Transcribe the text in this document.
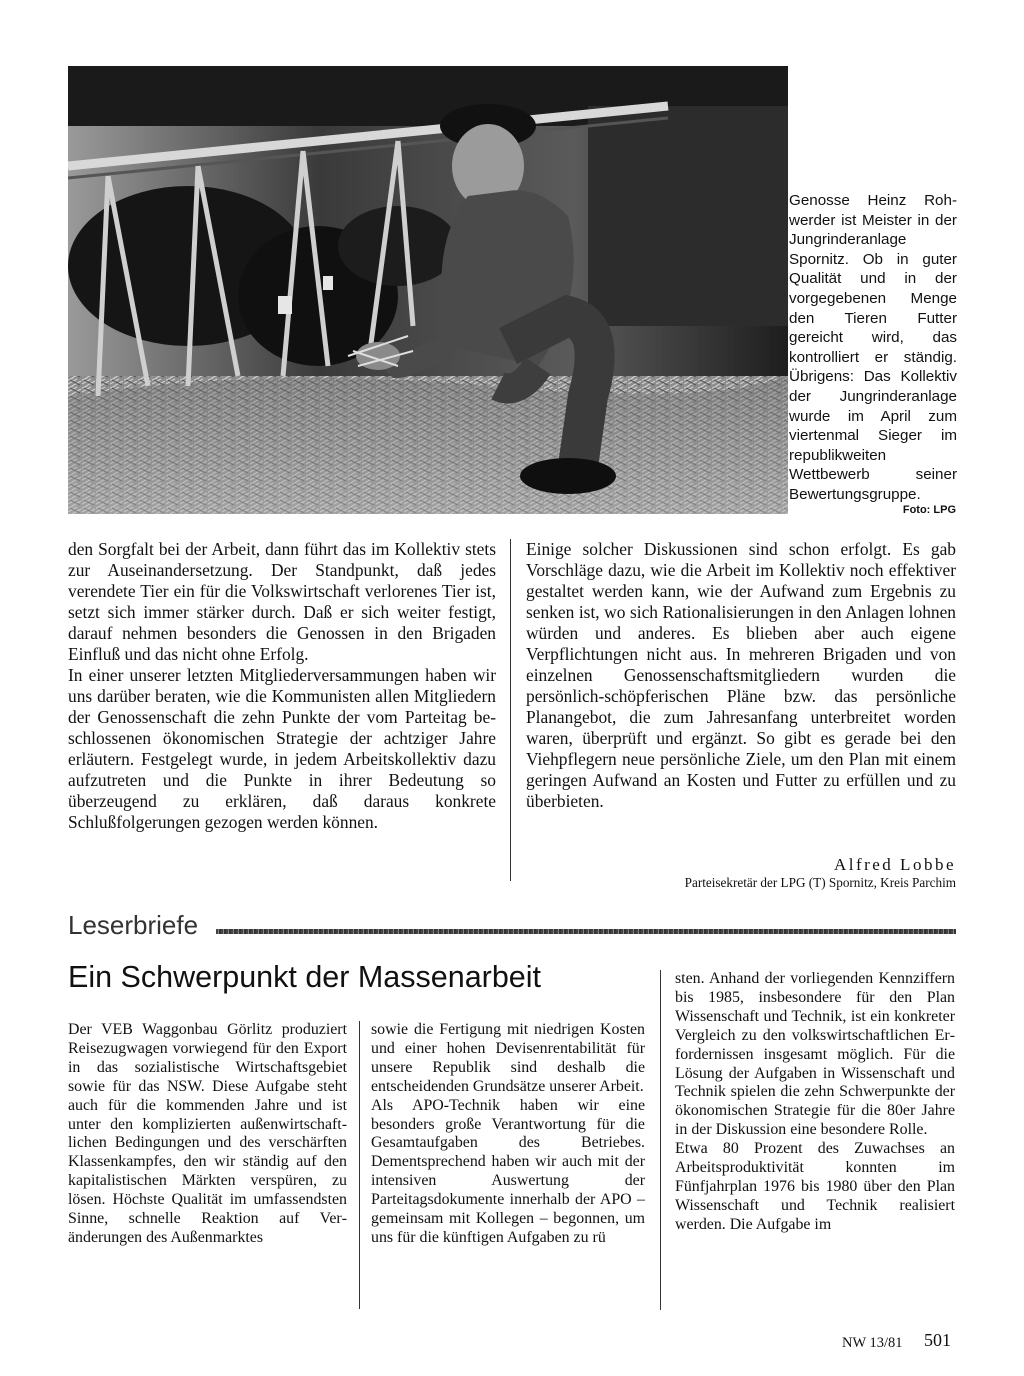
Genosse Heinz Rohwerder ist Meister in der Jungrinderanlage Spornitz. Ob in guter Qualität und in der vorgegebenen Menge den Tieren Futter gereicht wird, das kontrolliert er ständig. Übrigens: Das Kollektiv der Jungrinderanlage wurde im April zum viertenmal Sieger im republikweiten Wettbewerb seiner Bewertungsgruppe.

Foto: LPG

den Sorgfalt bei der Arbeit, dann führt das im Kollektiv stets zur Auseinandersetzung. Der Standpunkt, daß jedes verendete Tier ein für die Volkswirtschaft verlorenes Tier ist, setzt sich immer stärker durch. Daß er sich weiter festigt, darauf nehmen besonders die Genossen in den Brigaden Einfluß und das nicht ohne Erfolg.

In einer unserer letzten Mitgliederversammungen haben wir uns darüber beraten, wie die Kommunisten allen Mitgliedern der Genossenschaft die zehn Punkte der vom Parteitag beschlossenen ökonomischen Strategie der achtziger Jahre erläutern. Festgelegt wurde, in jedem Arbeitskollektiv dazu aufzutreten und die Punkte in ihrer Bedeutung so überzeugend zu erklären, daß daraus konkrete Schlußfolgerungen gezogen werden können.

Einige solcher Diskussionen sind schon erfolgt. Es gab Vorschläge dazu, wie die Arbeit im Kollektiv noch effektiver gestaltet werden kann, wie der Aufwand zum Ergebnis zu senken ist, wo sich Rationalisierungen in den Anlagen lohnen würden und anderes. Es blieben aber auch eigene Verpflichtungen nicht aus. In mehreren Brigaden und von einzelnen Genossenschaftsmitgliedern wurden die persönlich-schöpferischen Pläne bzw. das persönliche Planangebot, die zum Jahresanfang unterbreitet worden waren, überprüft und ergänzt. So gibt es gerade bei den Viehpflegern neue persönliche Ziele, um den Plan mit einem geringen Aufwand an Kosten und Futter zu erfüllen und zu überbieten.

Alfred Lobbe
Parteisekretär der LPG (T) Spornitz, Kreis Parchim
Leserbriefe
Ein Schwerpunkt der Massenarbeit

Der VEB Waggonbau Görlitz produziert Reisezugwagen vorwiegend für den Export in das sozialistische Wirtschaftsgebiet sowie für das NSW. Diese Aufgabe steht auch für die kommenden Jahre und ist unter den komplizierten außenwirtschaftlichen Bedingungen und des verschärften Klassenkampfes, den wir ständig auf den kapitalistischen Märkten verspüren, zu lösen. Höchste Qualität im umfassendsten Sinne, schnelle Reaktion auf Veränderungen des Außenmarktes

sowie die Fertigung mit niedrigen Kosten und einer hohen Devisenrentabilität für unsere Republik sind deshalb die entscheidenden Grundsätze unserer Arbeit.

Als APO-Technik haben wir eine besonders große Verantwortung für die Gesamtaufgaben des Betriebes. Dementsprechend haben wir auch mit der intensiven Auswertung der Parteitagsdokumente innerhalb der APO – gemeinsam mit Kollegen – begonnen, um uns für die künftigen Aufgaben zu rü

sten. Anhand der vorliegenden Kennziffern bis 1985, insbesondere für den Plan Wissenschaft und Technik, ist ein konkreter Vergleich zu den volkswirtschaftlichen Erfordernissen insgesamt möglich. Für die Lösung der Aufgaben in Wissenschaft und Technik spielen die zehn Schwerpunkte der ökonomischen Strategie für die 80er Jahre in der Diskussion eine besondere Rolle.

Etwa 80 Prozent des Zuwachses an Arbeitsproduktivität konnten im Fünfjahrplan 1976 bis 1980 über den Plan Wissenschaft und Technik realisiert werden. Die Aufgabe im

NW 13/81 501
